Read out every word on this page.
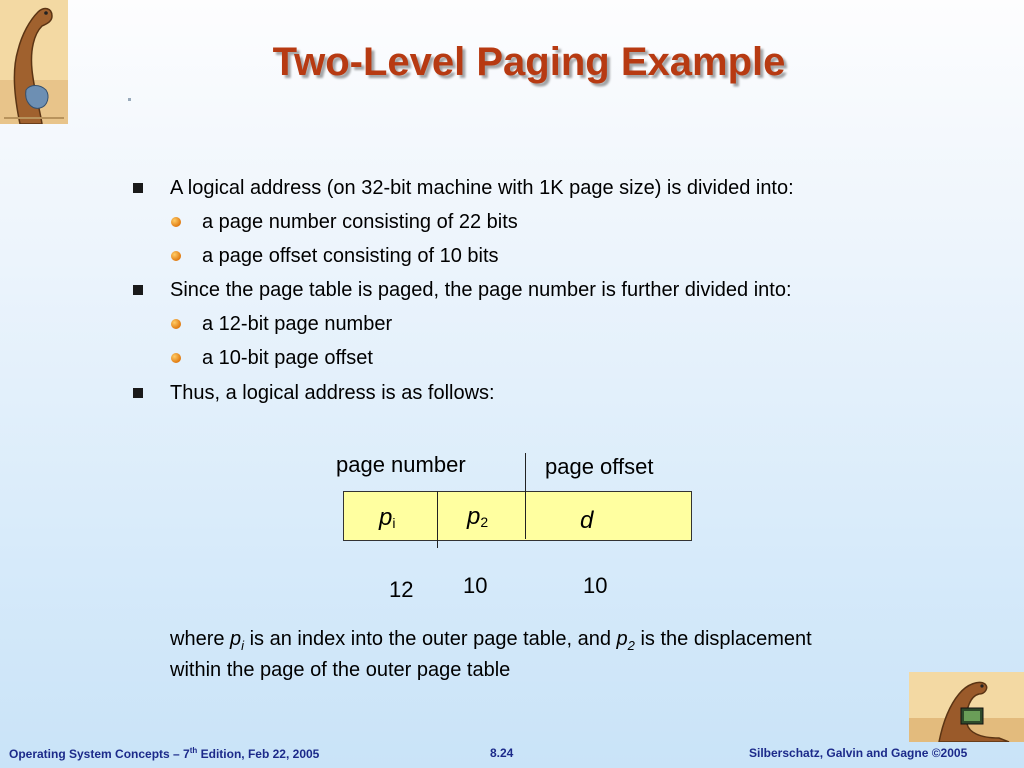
Two-Level Paging Example
A logical address (on 32-bit machine with 1K page size) is divided into:
a page number consisting of 22 bits
a page offset consisting of 10 bits
Since the page table is paged, the page number is further divided into:
a 12-bit page number
a 10-bit page offset
Thus, a logical address is as follows:
page number	page offset
$p_i$	$p_2$	d
12 10	10
where $p_i$ is an index into the outer page table, and $p_2$ is the displacement
within the page of the outer page table
Operating System Concepts – 7th Edition, Feb 22, 2005	8.24	Silberschatz, Galvin and Gagne ©2005
